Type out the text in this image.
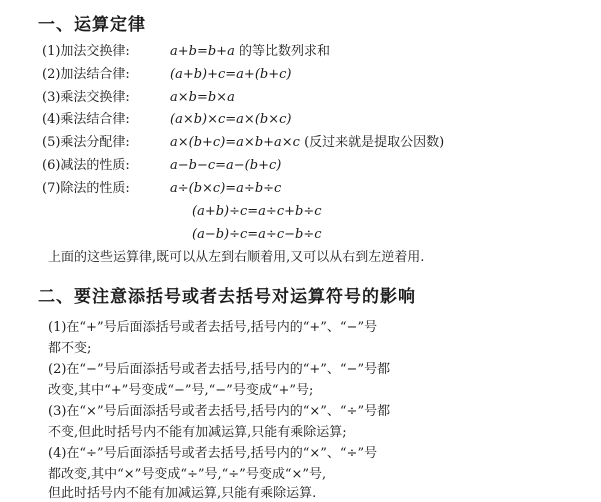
一、运算定律
(1)加法交换律:	a+b=b+a 的等比数列求和
(2)加法结合律:	(a+b)+c=a+(b+c)
(3)乘法交换律:	a×b=b×a
(4)乘法结合律:	(a×b)×c=a×(b×c)
(5)乘法分配律:	a×(b+c)=a×b+a×c (反过来就是提取公因数)
(6)减法的性质:	a−b−c=a−(b+c)
(7)除法的性质:	a÷(b×c)=a÷b÷c
(a+b)÷c=a÷c+b÷c
(a−b)÷c=a÷c−b÷c
上面的这些运算律,既可以从左到右顺着用,又可以从右到左逆着用.
二、要注意添括号或者去括号对运算符号的影响
(1)在“+”号后面添括号或者去括号,括号内的“+”、“−”号
都不变;
(2)在“−”号后面添括号或者去括号,括号内的“+”、“−”号都
改变,其中“+”号变成“−”号,“−”号变成“+”号;
(3)在“×”号后面添括号或者去括号,括号内的“×”、“÷”号都
不变,但此时括号内不能有加减运算,只能有乘除运算;
(4)在“÷”号后面添括号或者去括号,括号内的“×”、“÷”号
都改变,其中“×”号变成“÷”号,“÷”号变成“×”号,
但此时括号内不能有加减运算,只能有乘除运算.
